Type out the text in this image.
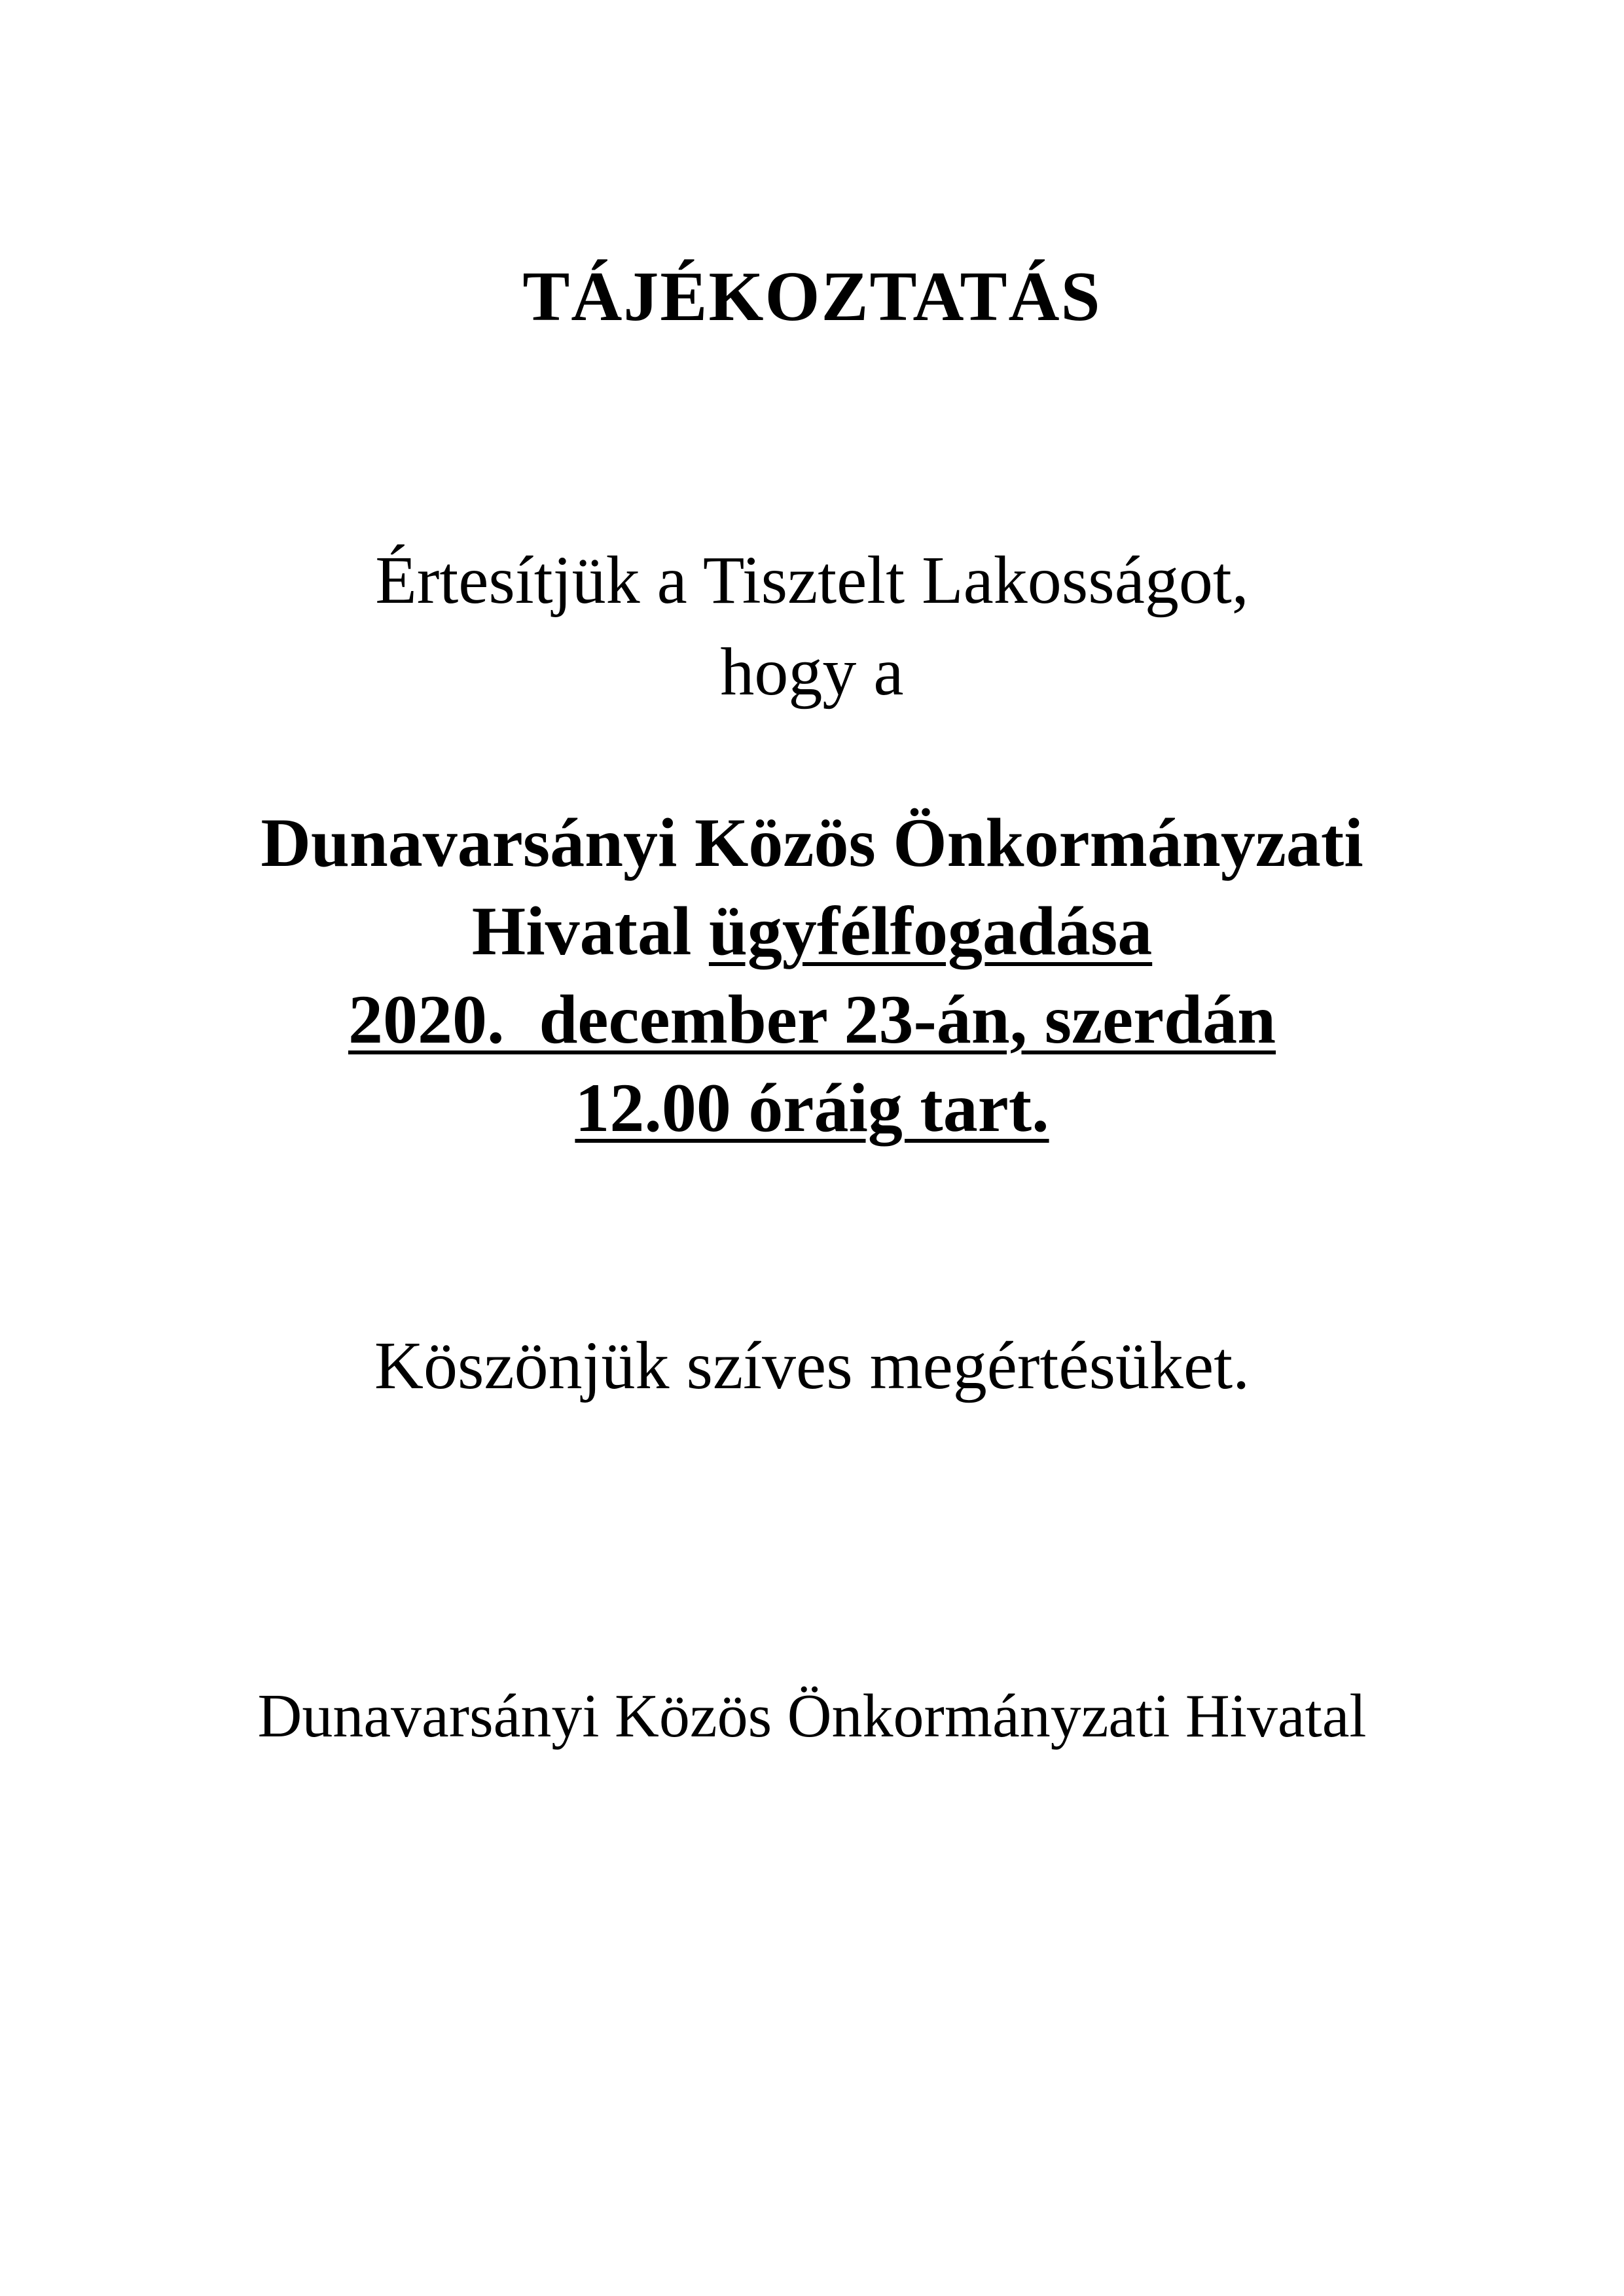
TÁJÉKOZTATÁS
Értesítjük a Tisztelt Lakosságot,
hogy a
Dunavarsányi Közös Önkormányzati
Hivatal ügyfélfogadása
2020.  december 23-án, szerdán
12.00 óráig tart.
Köszönjük szíves megértésüket.
Dunavarsányi Közös Önkormányzati Hivatal
